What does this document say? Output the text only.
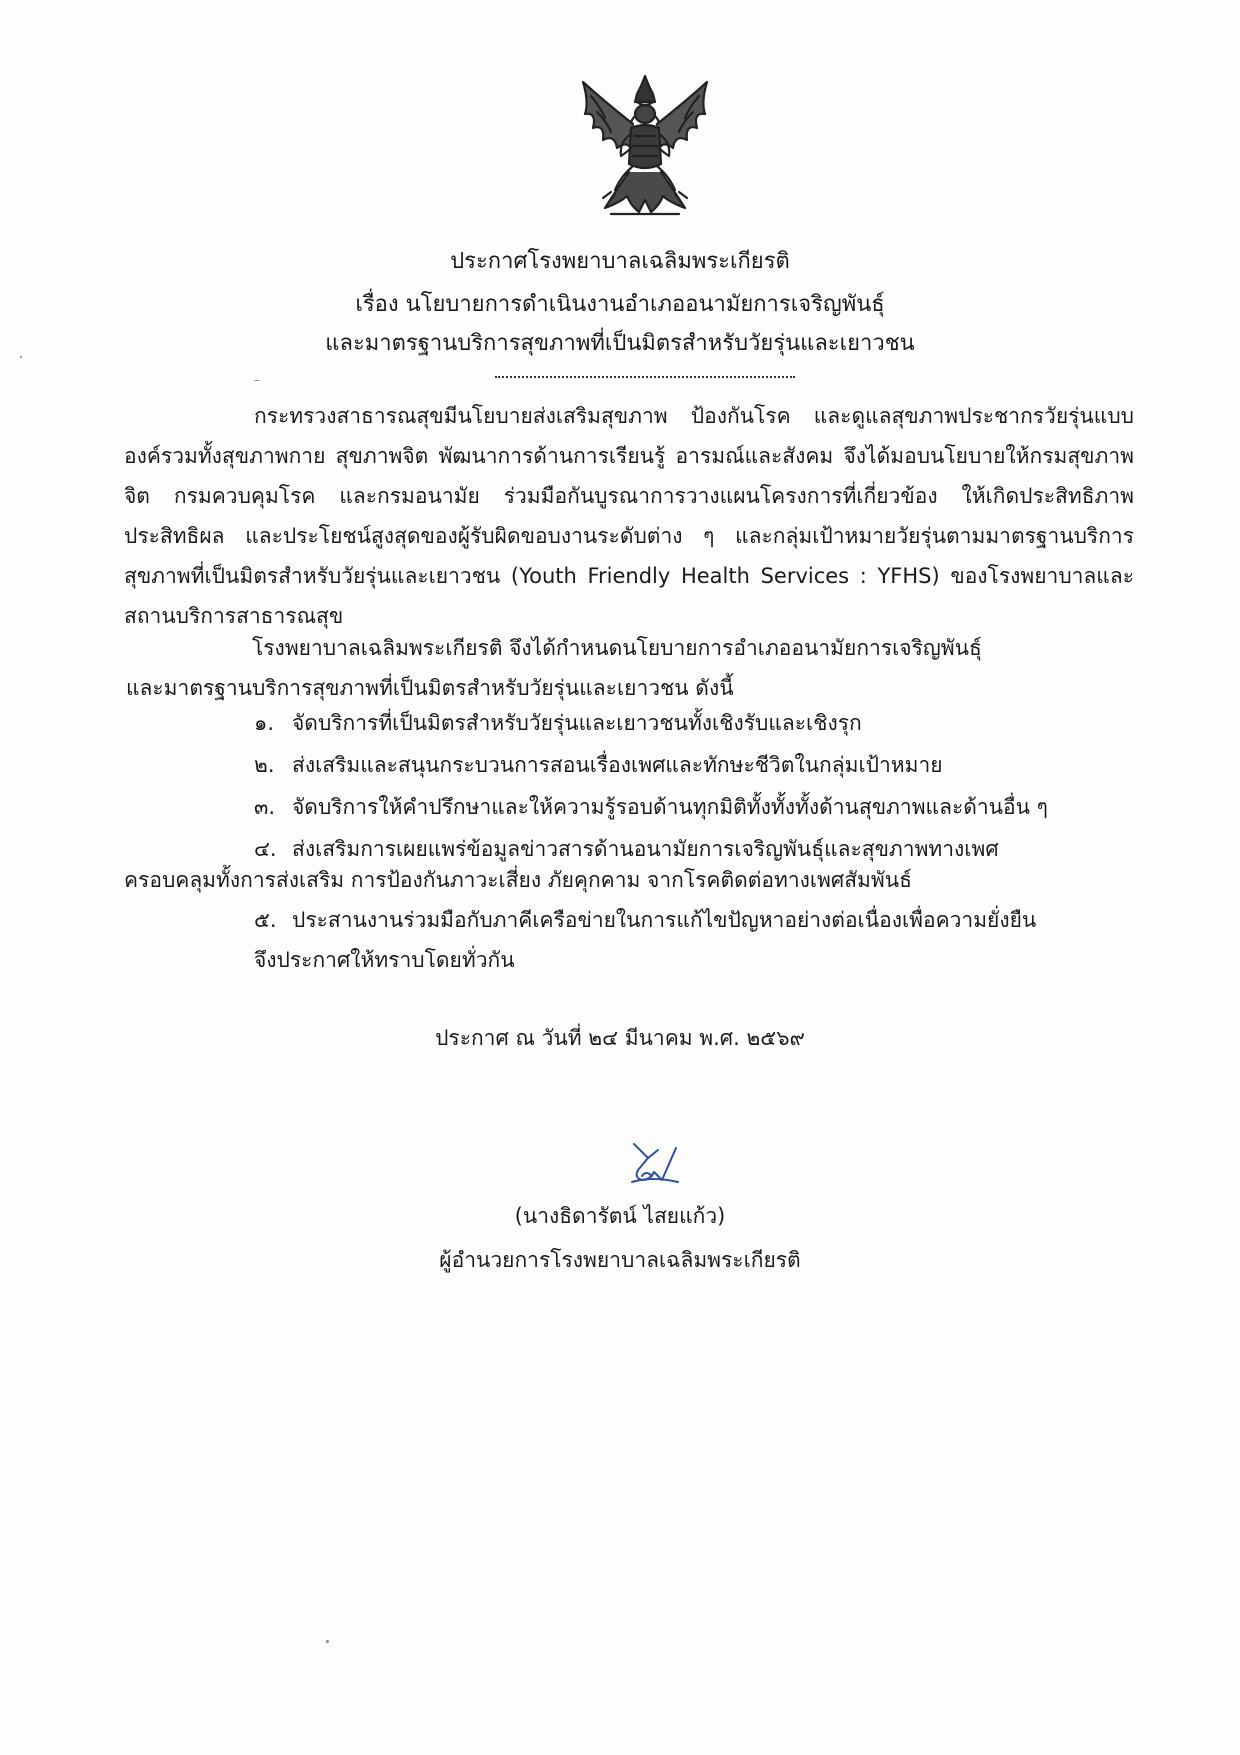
ประกาศโรงพยาบาลเฉลิมพระเกียรติ
เรื่อง นโยบายการดำเนินงานอำเภออนามัยการเจริญพันธุ์
และมาตรฐานบริการสุขภาพที่เป็นมิตรสำหรับวัยรุ่นและเยาวชน
กระทรวงสาธารณสุขมีนโยบายส่งเสริมสุขภาพ ป้องกันโรค และดูแลสุขภาพประชากรวัยรุ่นแบบองค์รวมทั้งสุขภาพกาย สุขภาพจิต พัฒนาการด้านการเรียนรู้ อารมณ์และสังคม จึงได้มอบนโยบายให้กรมสุขภาพจิต กรมควบคุมโรค และกรมอนามัย ร่วมมือกันบูรณาการวางแผนโครงการที่เกี่ยวข้อง ให้เกิดประสิทธิภาพ ประสิทธิผล และประโยชน์สูงสุดของผู้รับผิดขอบงานระดับต่าง ๆ และกลุ่มเป้าหมายวัยรุ่นตามมาตรฐานบริการสุขภาพที่เป็นมิตรสำหรับวัยรุ่นและเยาวชน (Youth Friendly Health Services : YFHS) ของโรงพยาบาลและสถานบริการสาธารณสุข
โรงพยาบาลเฉลิมพระเกียรติ จึงได้กำหนดนโยบายการอำเภออนามัยการเจริญพันธุ์
และมาตรฐานบริการสุขภาพที่เป็นมิตรสำหรับวัยรุ่นและเยาวชน ดังนี้
๑. จัดบริการที่เป็นมิตรสำหรับวัยรุ่นและเยาวชนทั้งเชิงรับและเชิงรุก
๒. ส่งเสริมและสนุนกระบวนการสอนเรื่องเพศและทักษะชีวิตในกลุ่มเป้าหมาย
๓. จัดบริการให้คำปรึกษาและให้ความรู้รอบด้านทุกมิติทั้งทั้งทั้งด้านสุขภาพและด้านอื่น ๆ
๔. ส่งเสริมการเผยแพร่ข้อมูลข่าวสารด้านอนามัยการเจริญพันธุ์และสุขภาพทางเพศ
ครอบคลุมทั้งการส่งเสริม การป้องกันภาวะเสี่ยง ภัยคุกคาม จากโรคติดต่อทางเพศสัมพันธ์
๕. ประสานงานร่วมมือกับภาคีเครือข่ายในการแก้ไขปัญหาอย่างต่อเนื่องเพื่อความยั่งยืน
จึงประกาศให้ทราบโดยทั่วกัน
ประกาศ ณ วันที่ ๒๔ มีนาคม พ.ศ. ๒๕๖๙
(นางธิดารัตน์ ไสยแก้ว)
ผู้อำนวยการโรงพยาบาลเฉลิมพระเกียรติ
